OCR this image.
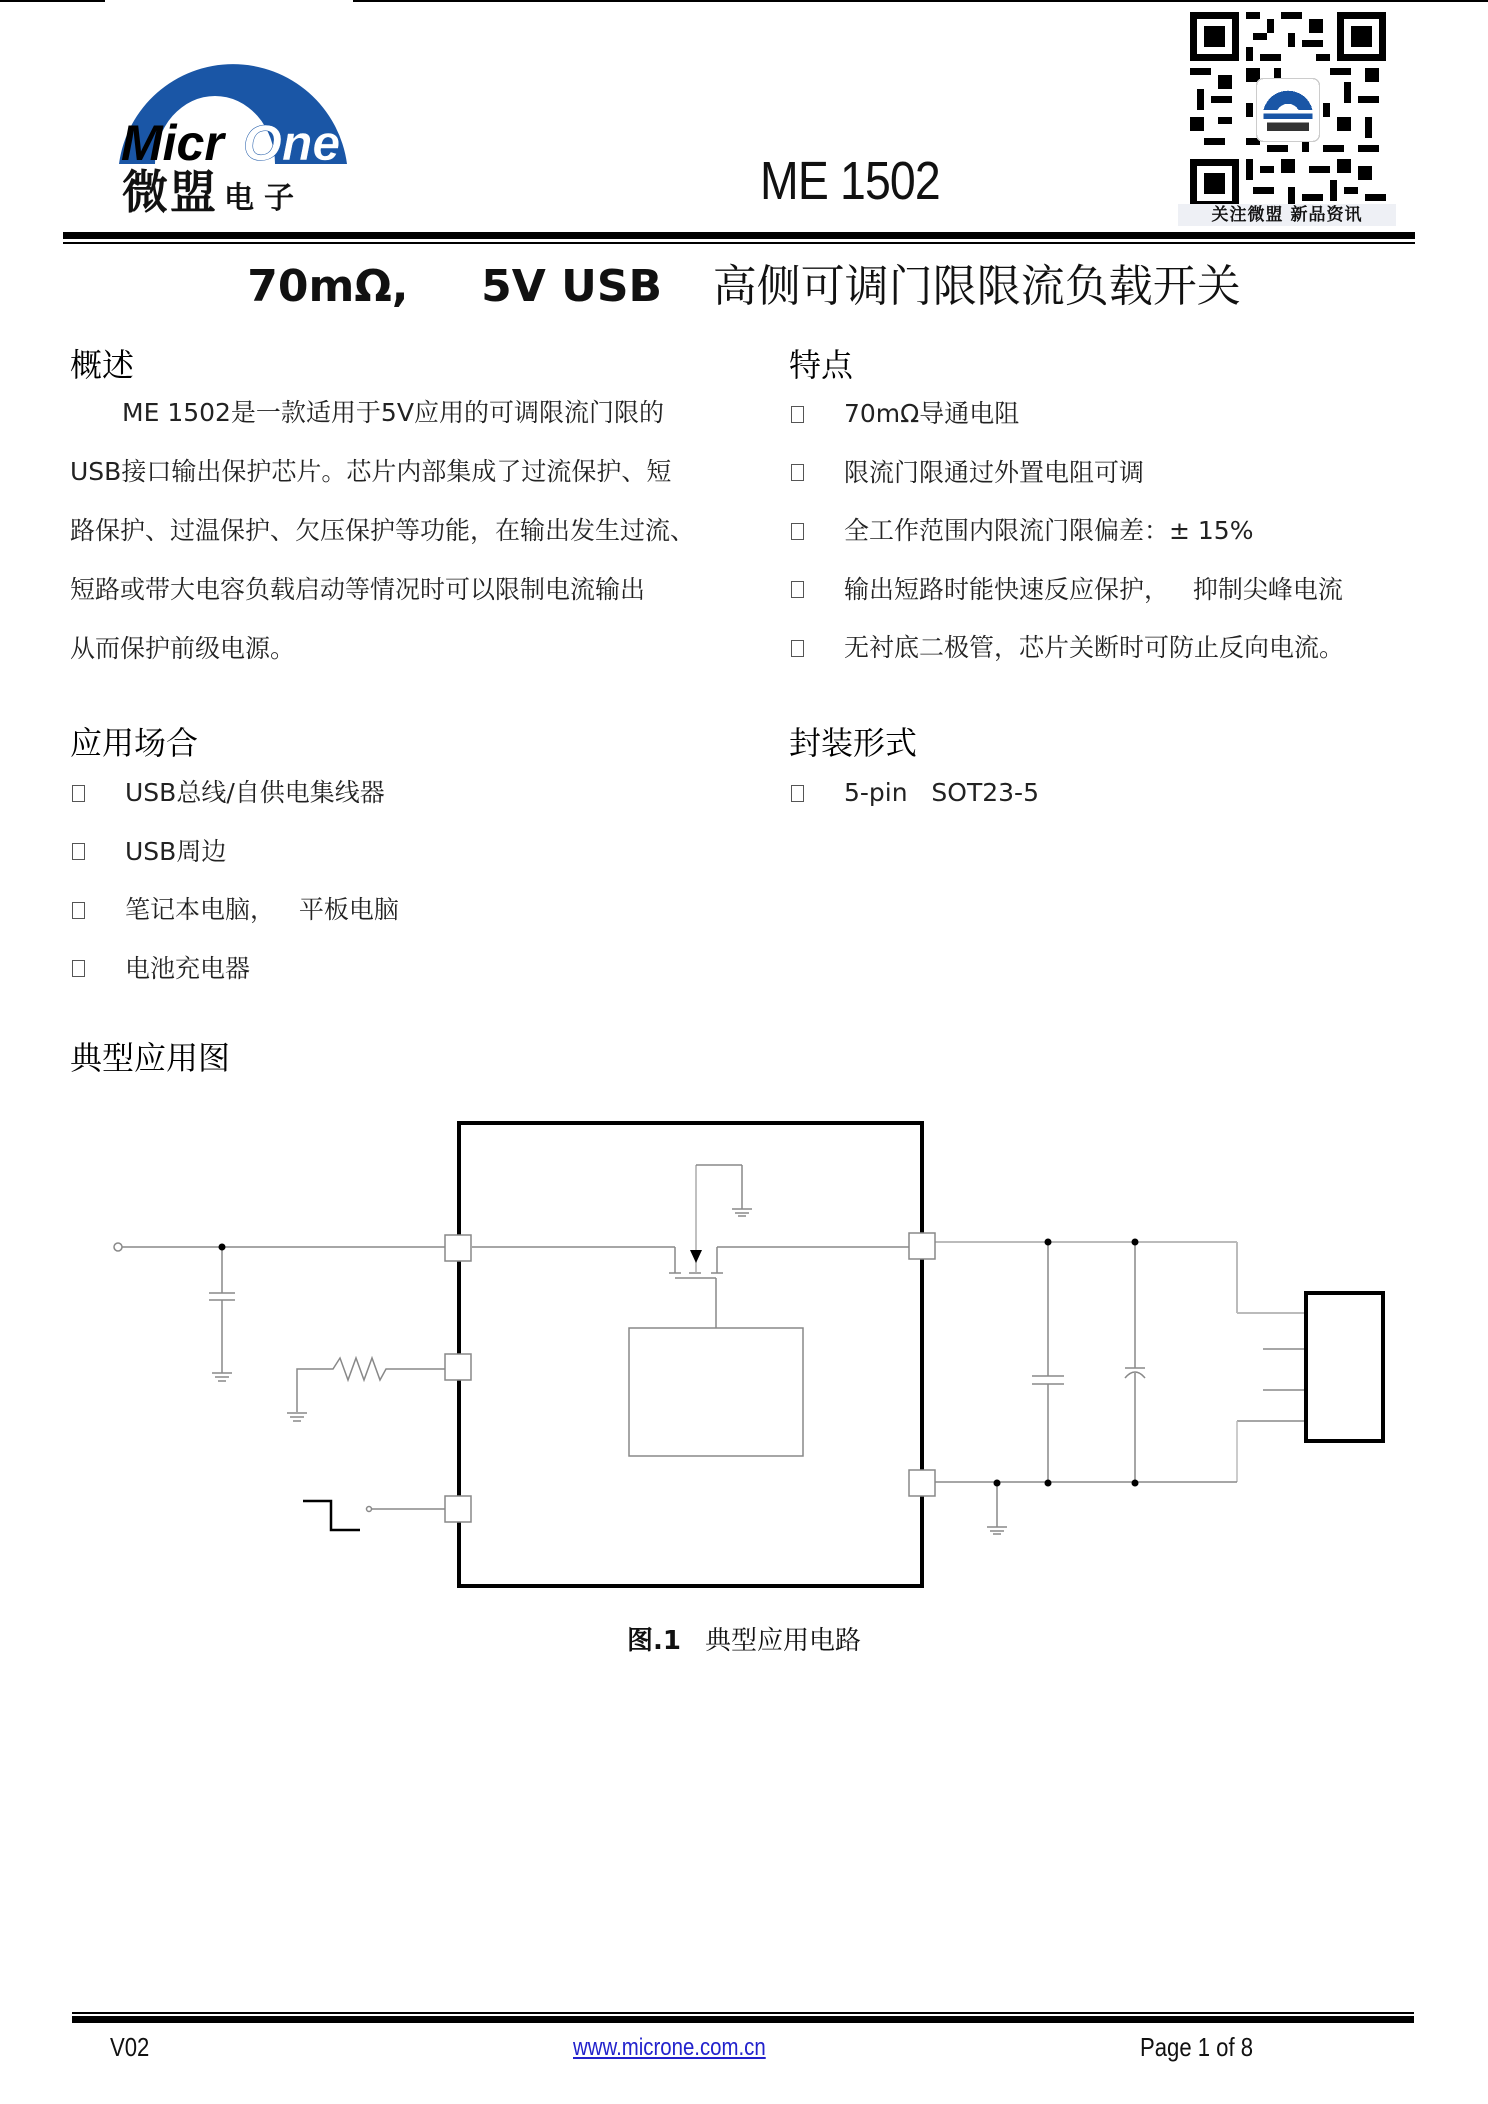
Micr One
微盟 电子	ME 1502
关注微盟 新品资讯
70mΩ, 5V USB 高侧可调门限限流负载开关
概述
ME 1502是一款适用于5V应用的可调限流门限的
USB接口输出保护芯片。芯片内部集成了过流保护、短
路保护、过温保护、欠压保护等功能，在输出发生过流、
短路或带大电容负载启动等情况时可以限制电流输出
从而保护前级电源。
特点
70mΩ导通电阻
限流门限通过外置电阻可调
全工作范围内限流门限偏差：± 15%
输出短路时能快速反应保护，   抑制尖峰电流
无衬底二极管，芯片关断时可防止反向电流。
应用场合
USB总线/自供电集线器
USB周边
笔记本电脑，   平板电脑
电池充电器
封装形式
5-pin   SOT23-5
典型应用图
图.1 典型应用电路
V02	www.microne.com.cn	Page 1 of 8
